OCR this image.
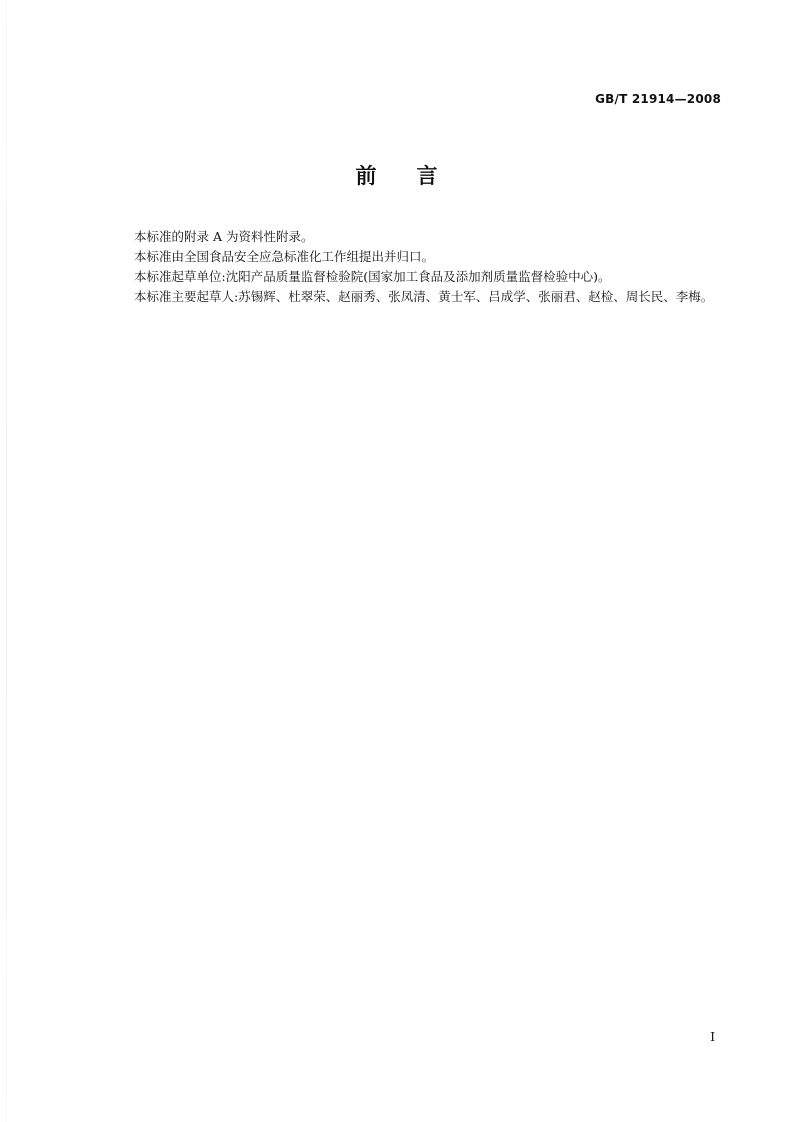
GB/T 21914—2008
前言
本标准的附录 A 为资料性附录。
本标准由全国食品安全应急标准化工作组提出并归口。
本标准起草单位:沈阳产品质量监督检验院(国家加工食品及添加剂质量监督检验中心)。
本标准主要起草人:苏锡辉、杜翠荣、赵丽秀、张凤清、黄士军、吕成学、张丽君、赵检、周长民、李梅。
I
